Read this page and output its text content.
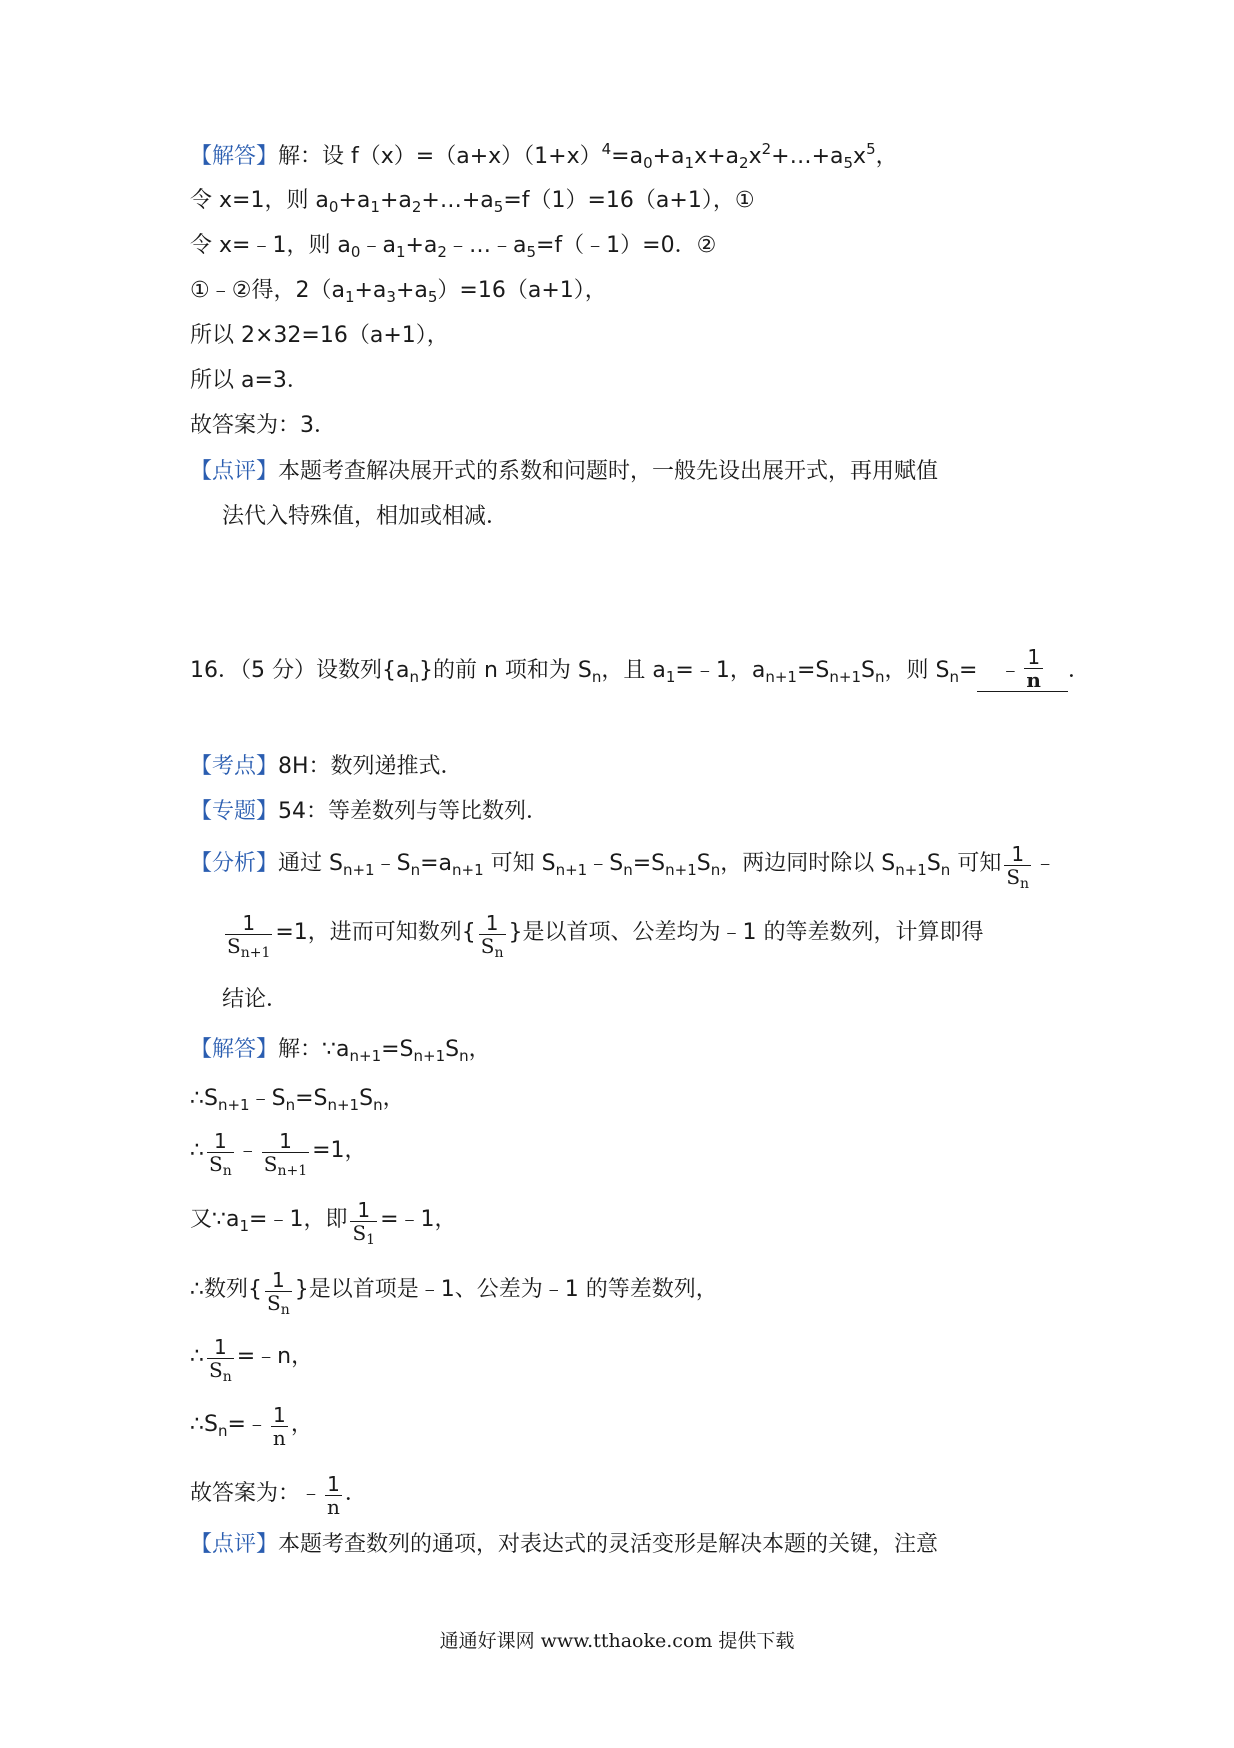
【解答】解：设 $f(x)=(a+x)(1+x)^4=a_0+a_1x+a_2x^2+\dots+a_5x^5$，
令 x=1，则 $a_0+a_1+a_2+\dots+a_5=f(1)=16(a+1)$，①
令 x=﹣1，则 $a_0﹣a_1+a_2﹣\dots﹣a_5=f(﹣1)=0$．②
①﹣②得，$2(a_1+a_3+a_5)=16(a+1)$，
所以 2×32=16（a+1），
所以 a=3．
故答案为：3．
【点评】本题考查解决展开式的系数和问题时，一般先设出展开式，再用赋值
法代入特殊值，相加或相减．
16．（5 分）设数列$\{a_n\}$的前 n 项和为 $S_n$，且 $a_1=﹣1$，$a_{n+1}=S_{n+1}S_n$，则 $S_n=$ ﹣ $\frac{1}{n}$ ．
【考点】8H：数列递推式．
【专题】54：等差数列与等比数列．
【分析】通过 $S_{n+1}﹣S_n=a_{n+1}$ 可知 $S_{n+1}﹣S_n=S_{n+1}S_n$，两边同时除以 $S_{n+1}S_n$ 可知 $\frac{1}{S_n}$ ﹣
$\frac{1}{S_{n+1}} =1$，进而可知数列{ $\frac{1}{S_n}$ }是以首项、公差均为﹣1 的等差数列，计算即得
结论．
【解答】解：$\because a_{n+1}=S_{n+1}S_n$，
$\therefore S_{n+1}﹣S_n=S_{n+1}S_n$，
∴ $\frac{1}{S_n}$ ﹣ $\frac{1}{S_{n+1}} =1$，
又$\because a_1=﹣1$，即 $\frac{1}{S_1}$ =﹣1，
∴数列{ $\frac{1}{S_n}$ }是以首项是﹣1、公差为﹣1 的等差数列，
∴ $\frac{1}{S_n}$ =﹣n，
$\therefore S_n=﹣ \frac{1}{n}$ ，
故答案为：﹣ $\frac{1}{n}$ ．
【点评】本题考查数列的通项，对表达式的灵活变形是解决本题的关键，注意
通通好课网 www.tthaoke.com 提供下载
